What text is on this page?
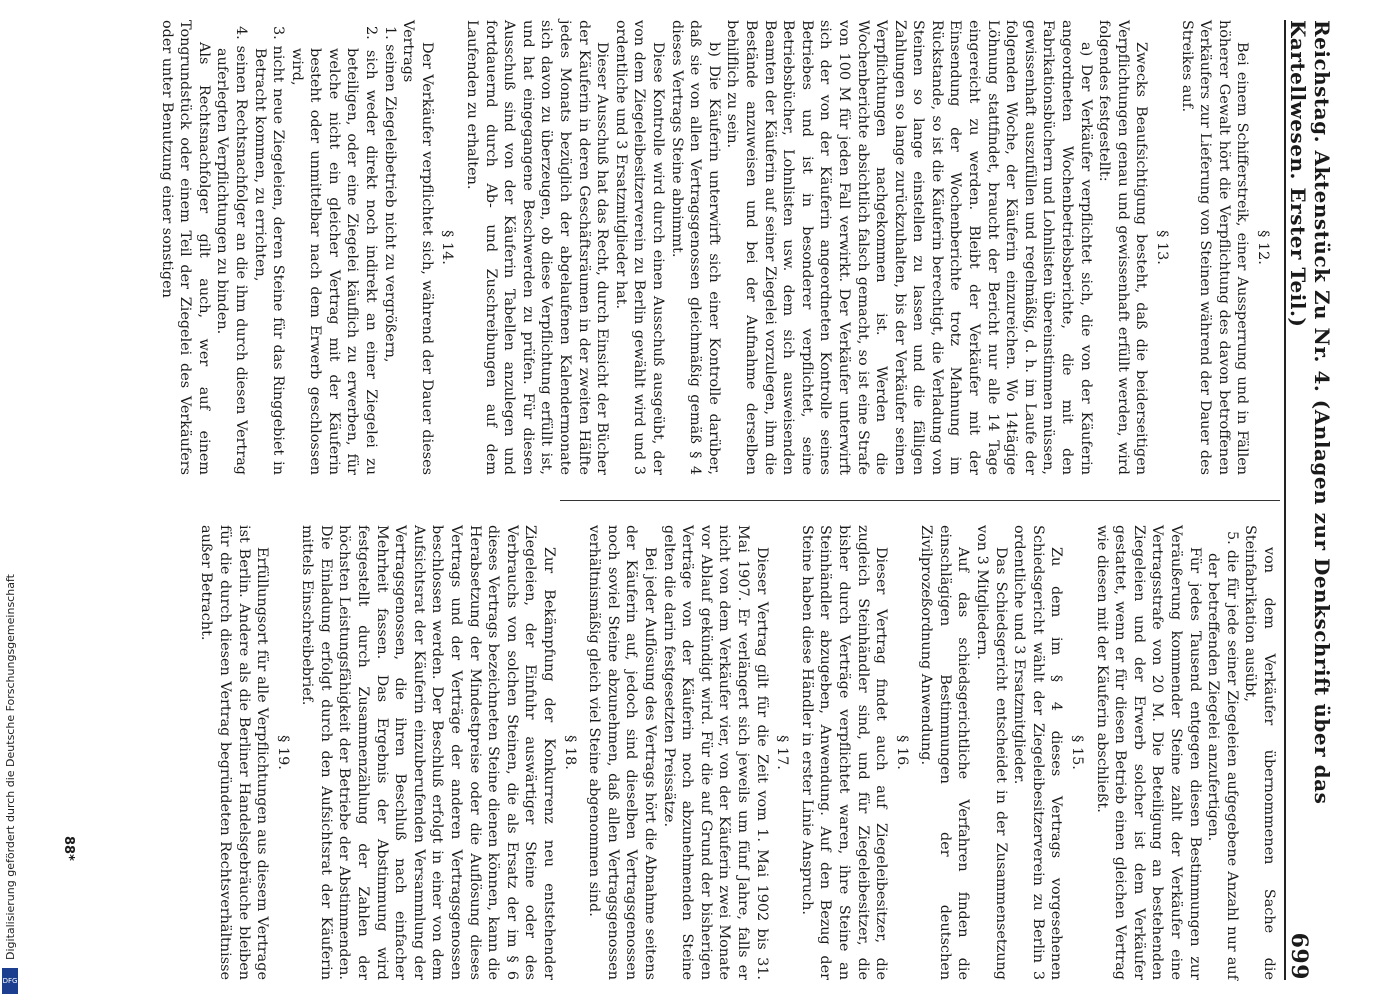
Reichstag. Aktenstück Zu Nr. 4. (Anlagen zur Denkschrift über das Kartellwesen. Erster Teil.)
699

§ 12.

Bei einem Schifferstreik, einer Aussperrung und in Fällen höherer Gewalt hört die Verpflichtung des davon betroffenen Verkäufers zur Lieferung von Steinen während der Dauer des Streikes auf.

§ 13.

Zwecks Beaufsichtigung besteht, daß die beiderseitigen Verpflichtungen genau und gewissenhaft erfüllt werden, wird folgendes festgestellt:

a) Der Verkäufer verpflichtet sich, die von der Käuferin angeordneten Wochenbetriebsberichte, die mit den Fabrikationsbüchern und Lohnlisten übereinstimmen müssen, gewissenhaft auszufüllen und regelmäßig, d. h. im Laufe der folgenden Woche, der Käuferin einzureichen. Wo 14tägige Löhnung stattfindet, braucht der Bericht nur alle 14 Tage eingereicht zu werden. Bleibt der Verkäufer mit der Einsendung der Wochenberichte trotz Mahnung im Rückstande, so ist die Käuferin berechtigt, die Verladung von Steinen so lange einstellen zu lassen und die fälligen Zahlungen so lange zurückzuhalten, bis der Verkäufer seinen Verpflichtungen nachgekommen ist. Werden die Wochenberichte absichtlich falsch gemacht, so ist eine Strafe von 100 M für jeden Fall verwirkt. Der Verkäufer unterwirft sich der von der Käuferin angeordneten Kontrolle seines Betriebes und ist in besonderer verpflichtet, seine Betriebsbücher, Lohnlisten usw. dem sich ausweisenden Beamten der Käuferin auf seiner Ziegelei vorzulegen, ihm die Bestände anzuweisen und bei der Aufnahme derselben behilflich zu sein.

b) Die Käuferin unterwirft sich einer Kontrolle darüber, daß sie von allen Vertragsgenossen gleichmäßig gemäß § 4 dieses Vertrags Steine abnimmt.

Diese Kontrolle wird durch einen Ausschuß ausgeübt, der von dem Ziegeleibesitzerverein zu Berlin gewählt wird und 3 ordentliche und 3 Ersatzmitglieder hat.

Dieser Ausschuß hat das Recht, durch Einsicht der Bücher der Käuferin in deren Geschäftsräumen in der zweiten Hälfte jedes Monats bezüglich der abgelaufenen Kalendermonate sich davon zu überzeugen, ob diese Verpflichtung erfüllt ist, und hat eingegangene Beschwerden zu prüfen. Für diesen Ausschuß sind von der Käuferin Tabellen anzulegen und fortdauernd durch Ab- und Zuschreibungen auf dem Laufenden zu erhalten.

§ 14.

Der Verkäufer verpflichtet sich, während der Dauer dieses Vertrags

1. seinen Ziegeleibetrieb nicht zu vergrößern,

2. sich weder direkt noch indirekt an einer Ziegelei zu beteiligen, oder eine Ziegelei käuflich zu erwerben, für welche nicht ein gleicher Vertrag mit der Käuferin besteht oder unmittelbar nach dem Erwerb geschlossen wird,

3. nicht neue Ziegeleien, deren Steine für das Ringgebiet in Betracht kommen, zu errichten,

4. seinen Rechtsnachfolger an die ihm durch diesen Vertrag auferlegten Verpflichtungen zu binden.

Als Rechtsnachfolger gilt auch, wer auf einem Tongrundstück oder einem Teil der Ziegelei des Verkäufers oder unter Benutzung einer sonstigen

von dem Verkäufer übernommenen Sache die Steinfabrikation ausübt,

5. die für jede seiner Ziegeleien aufgegebene Anzahl nur auf der betreffenden Ziegelei anzufertigen.

Für jedes Tausend entgegen diesen Bestimmungen zur Veräußerung kommender Steine zahlt der Verkäufer eine Vertragsstrafe von 20 M. Die Beteiligung an bestehenden Ziegeleien und der Erwerb solcher ist dem Verkäufer gestattet, wenn er für diesen Betrieb einen gleichen Vertrag wie diesen mit der Käuferin abschließt.

§ 15.

Zu dem im § 4 dieses Vertrags vorgesehenen Schiedsgericht wählt der Ziegeleibesitzerverein zu Berlin 3 ordentliche und 3 Ersatzmitglieder.

Das Schiedsgericht entscheidet in der Zusammensetzung von 3 Mitgliedern.

Auf das schiedsgerichtliche Verfahren finden die einschlägigen Bestimmungen der deutschen Zivilprozeßordnung Anwendung.

§ 16.

Dieser Vertrag findet auch auf Ziegeleibesitzer, die zugleich Steinhändler sind, und für Ziegeleibesitzer, die bisher durch Verträge verpflichtet waren, ihre Steine an Steinhändler abzugeben, Anwendung. Auf den Bezug der Steine haben diese Händler in erster Linie Anspruch.

§ 17.

Dieser Vertrag gilt für die Zeit vom 1. Mai 1902 bis 31. Mai 1907. Er verlängert sich jeweils um fünf Jahre, falls er nicht von dem Verkäufer vier, von der Käuferin zwei Monate vor Ablauf gekündigt wird. Für die auf Grund der bisherigen Verträge von der Käuferin noch abzunehmenden Steine gelten die darin festgesetzten Preissätze.

Bei jeder Auflösung des Vertrags hört die Abnahme seitens der Käuferin auf, jedoch sind dieselben Vertragsgenossen noch soviel Steine abzunehmen, daß allen Vertragsgenossen verhältnismäßig gleich viel Steine abgenommen sind.

§ 18.

Zur Bekämpfung der Konkurrenz neu entstehender Ziegeleien, der Einfuhr auswärtiger Steine oder des Verbrauchs von solchen Steinen, die als Ersatz der im § 6 dieses Vertrags bezeichneten Steine dienen können, kann die Herabsetzung der Mindestpreise oder die Auflösung dieses Vertrags und der Verträge der anderen Vertragsgenossen beschlossen werden. Der Beschluß erfolgt in einer von dem Aufsichtsrat der Käuferin einzuberufenden Versammlung der Vertragsgenossen, die ihren Beschluß nach einfacher Mehrheit fassen. Das Ergebnis der Abstimmung wird festgestellt durch Zusammenzählung der Zahlen der höchsten Leistungsfähigkeit der Betriebe der Abstimmenden. Die Einladung erfolgt durch den Aufsichtsrat der Käuferin mittels Einschreibebrief.

§ 19.

Erfüllungsort für alle Verpflichtungen aus diesem Vertrage ist Berlin. Andere als die Berliner Handelsgebräuche bleiben für die durch diesen Vertrag begründeten Rechtsverhältnisse außer Betracht.

Digitalisierung gefördert durch die Deutsche Forschungsgemeinschaft
DFG
88*
